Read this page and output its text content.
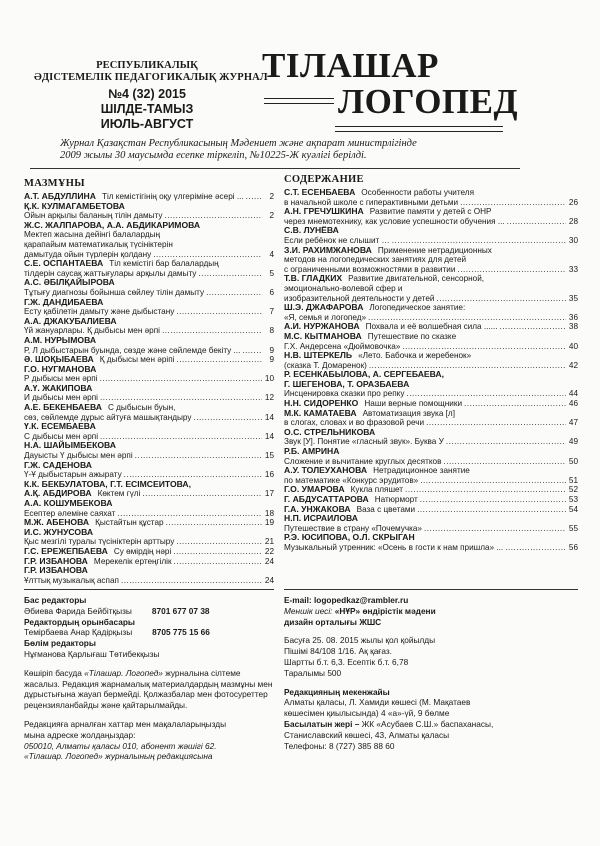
РЕСПУБЛИКАЛЫҚ
ӘДІСТЕМЕЛІК ПЕДАГОГИКАЛЫҚ ЖУРНАЛ
№4 (32) 2015
ШІЛДЕ-ТАМЫЗ
ИЮЛЬ-АВГУСТ
ТІЛАШАР
ЛОГОПЕД
Журнал Қазақстан Республикасының Мәдениет және ақпарат министрлігінде
2009 жылы 30 маусымда есепке тіркеліп, №10225-Ж куәлігі берілді.
МАЗМҰНЫ
А.Т. АБДУЛЛИНА Тіл кемістігінің оқу үлгеріміне әсері ... .....	2
Қ.К. КУЛМАГАМБЕТОВА
Ойын арқылы баланың тілін дамыту .....	2
Ж.С. ЖАЛПАРОВА, А.А. АБДИКАРИМОВА
Мектеп жасына дейінгі балалардың
қарапайым математикалық түсініктерін
дамытуда ойын түрлерін қолдану .....	4
С.Е. ОСПАНТАЕВА Тіл кемістігі бар балалардың
тілдерін саусақ жаттығулары арқылы дамыту .....	5
А.С. ӘБІЛҚАЙЫРОВА
Тұтығу диагнозы бойынша сөйлеу тілін дамыту .....	6
Г.Ж. ДАНДИБАЕВА
Есту қабілетін дамыту және дыбыстану .....	7
А.А. ДЖАКУБАЛИЕВА
Үй жануарлары. Қ дыбысы мен әрпі .....	8
А.М. НУРЫМОВА
Р, Л дыбыстарын буында, сөзде және сөйлемде бекіту ... .....	9
Ә. ШОҚЫБАЕВА Қ дыбысы мен әріпі .....	9
Г.О. НУГМАНОВА
Р дыбысы мен әрпі .....	10
А.Ү. ЖАКИПОВА
И дыбысы мен әрпі .....	12
А.Е. БЕКЕНБАЕВА С дыбысын буын,
сөз, сөйлемде дұрыс айтуға машықтандыру .....	14
Ү.К. ЕСЕМБАЕВА
С дыбысы мен әрпі .....	14
Н.А. ШАЙЫМБЕКОВА
Дауысты Ү дыбысы мен әрпі .....	15
Г.Ж. САДЕНОВА
Ү-Ұ дыбыстарын ажырату .....	16
К.К. БЕКБУЛАТОВА, Г.Т. ЕСІМСЕИТОВА,
А.Қ. АБДИРОВА Көктем гүлі .....	17
А.А. КОШУМБЕКОВА
Есептер әлеміне саяхат .....	18
М.Ж. АБЕНОВА Қыстайтын құстар .....	19
И.С. ЖУНУСОВА
Қыс мезгілі туралы түсініктерін арттыру .....	21
Г.С. ЕРЕЖЕПБАЕВА Су өмірдің нәрі .....	22
Г.Р. ИЗБАНОВА Мерекелік ертеңгілік .....	24
Г.Р. ИЗБАНОВА
Ұлттық музыкалық аспап .....	24
СОДЕРЖАНИЕ
С.Т. ЕСЕНБАЕВА Особенности работы учителя
в начальной школе с гиперактивными детьми .....	26
А.Н. ГРЕЧУШКИНА Развитие памяти у детей с ОНР
через мнемотехнику, как условие успешности обучения ... .....	28
С.В. ЛУНЁВА
Если ребёнок не слышит … .....	30
З.И. РАХИМЖАНОВА Применение нетрадиционных
методов на логопедических занятиях для детей
с ограниченными возможностями в развитии .....	33
Т.В. ГЛАДКИХ Развитие двигательной, сенсорной,
эмоционально-волевой сфер и
изобразительной деятельности у детей .....	35
Ш.Э. ДЖАФАРОВА Логопедическое занятие:
«Я, семья и логопед» .....	36
А.И. НУРЖАНОВА Похвала и её волшебная сила ...... .....	38
М.С. КЫТМАНОВА Путешествие по сказке
Г.Х. Андерсена «Дюймовочка» .....	40
Н.В. ШТЕРКЕЛЬ «Лето. Бабочка и жеребенок»
(сказка Т. Домаренок) .....	42
Р. ЕСЕНКАБЫЛОВА, А. СЕРГЕБАЕВА,
Г. ШЕГЕНОВА, Т. ОРАЗБАЕВА
Инсценировка сказки про репку .....	44
Н.Н. СИДОРЕНКО Наши верные помощники .....	46
М.К. КАМАТАЕВА Автоматизация звука [л]
в слогах, словах и во фразовой речи .....	47
О.С. СТРЕЛЬНИКОВА
Звук [У]. Понятие «гласный звук». Буква У .....	49
Р.Б. АМРИНА
Сложение и вычитание круглых десятков .....	50
А.У. ТОЛЕУХАНОВА Нетрадиционное занятие
по математике «Конкурс эрудитов» .....	51
Г.О. УМАРОВА Кукла пляшет .....	52
Г. АБДУСАТТАРОВА Натюрморт .....	53
Г.А. УНЖАКОВА Ваза с цветами .....	54
Н.П. ИСРАИЛОВА
Путешествие в страну «Почемучка» .....	55
Р.Э. ЮСИПОВА, О.Л. СКРЫГАН
Музыкальный утренник: «Осень в гости к нам пришла» ... .....	56
Бас редакторы
Әбиева Фарида Бейбітқызы 8701 677 07 38
Редактордың орынбасары
Темірбаева Анар Қадірқызы 8705 775 15 66
Бөлім редакторы
Нұғманова Қарлығаш Төтибекқызы
Көшіріп басуда «Тілашар. Логопед» журналына сілтеме жасалыз. Редакция жарнамалық материалдардың мазмұны мен дұрыстығына жауап бермейді. Қолжазбалар мен фотосуреттер рецензияланбайды және қайтарылмайды.
Редакцияға арналған хаттар мен мақалаларыңызды
мына адреске жолдаңыздар:
050010, Алматы қаласы 010, абонент жәшігі 62.
«Тілашар. Логопед» журналының редакциясына
E-mail: logopedkaz@rambler.ru
Меншік иесі: «НҰР» өндірістік мәдени
дизайн орталығы ЖШС
Басуға 25. 08. 2015 жылы қол қойылды
Пішімі 84/108 1/16. Ақ қағаз.
Шартты б.т. 6,3. Есептік б.т. 6,78
Таралымы 500
Редакцияның мекенжайы
Алматы қаласы, Л. Хамиди көшесі (М. Мақатаев
көшесімен қиылысында) 4 «а»-үй, 9 бөлме
Басылатын жері – ЖК «Асубаев С.Ш.» баспаханасы,
Станиславский көшесі, 43, Алматы қаласы
Телефоны: 8 (727) 385 88 60
